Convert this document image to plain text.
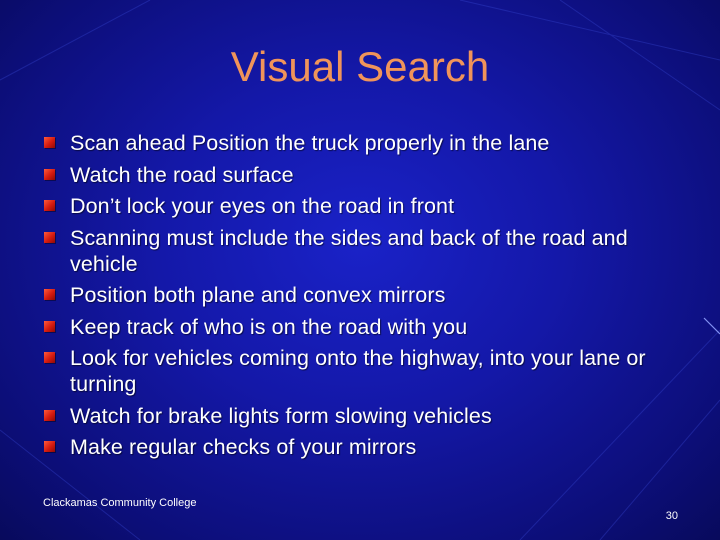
Visual Search
Scan ahead Position the truck properly in the lane
Watch the road surface
Don’t lock your eyes on the road in front
Scanning must include the sides and back of the road and vehicle
Position both plane and convex mirrors
Keep track of who is on the road with you
Look for vehicles coming onto the highway, into your lane or turning
Watch for brake lights form slowing vehicles
Make regular checks of your mirrors
Clackamas Community College
30
